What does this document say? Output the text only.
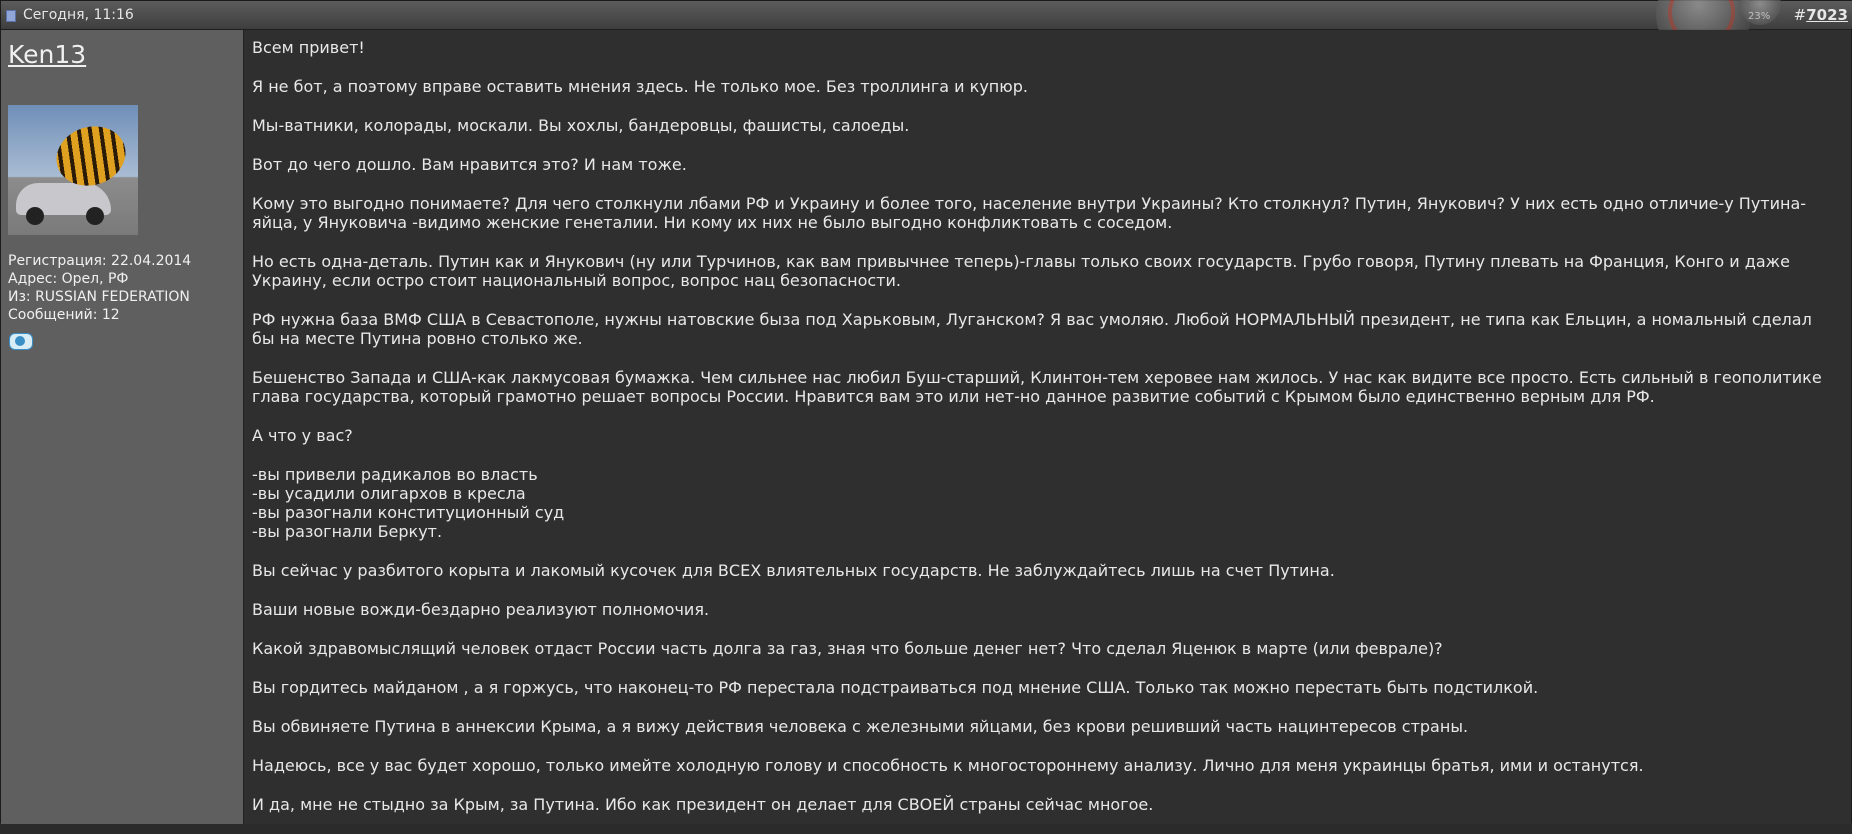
Сегодня, 11:16	23% #7023
Ken13
Регистрация: 22.04.2014
Адрес: Орел, РФ
Из: RUSSIAN FEDERATION
Сообщений: 12

Всем привет!

Я не бот, а поэтому вправе оставить мнения здесь. Не только мое. Без троллинга и купюр.

Мы-ватники, колорады, москали. Вы хохлы, бандеровцы, фашисты, салоеды.

Вот до чего дошло. Вам нравится это? И нам тоже.

Кому это выгодно понимаете? Для чего столкнули лбами РФ и Украину и более того, население внутри Украины? Кто столкнул? Путин, Янукович? У них есть одно отличие-у Путина-
яйца, у Януковича -видимо женские генеталии. Ни кому их них не было выгодно конфликтовать с соседом.

Но есть одна-деталь. Путин как и Янукович (ну или Турчинов, как вам привычнее теперь)-главы только своих государств. Грубо говоря, Путину плевать на Франция, Конго и даже
Украину, если остро стоит национальный вопрос, вопрос нац безопасности.

РФ нужна база ВМФ США в Севастополе, нужны натовские быза под Харьковым, Луганском? Я вас умоляю. Любой НОРМАЛЬНЫЙ президент, не типа как Ельцин, а номальный сделал
бы на месте Путина ровно столько же.

Бешенство Запада и США-как лакмусовая бумажка. Чем сильнее нас любил Буш-старший, Клинтон-тем херовее нам жилось. У нас как видите все просто. Есть сильный в геополитике
глава государства, который грамотно решает вопросы России. Нравится вам это или нет-но данное развитие событий с Крымом было единственно верным для РФ.

А что у вас?

-вы привели радикалов во власть
-вы усадили олигархов в кресла
-вы разогнали конституционный суд
-вы разогнали Беркут.

Вы сейчас у разбитого корыта и лакомый кусочек для ВСЕХ влиятельных государств. Не заблуждайтесь лишь на счет Путина.

Ваши новые вожди-бездарно реализуют полномочия.

Какой здравомыслящий человек отдаст России часть долга за газ, зная что больше денег нет? Что сделал Яценюк в марте (или феврале)?

Вы гордитесь майданом , а я горжусь, что наконец-то РФ перестала подстраиваться под мнение США. Только так можно перестать быть подстилкой.

Вы обвиняете Путина в аннексии Крыма, а я вижу действия человека с железными яйцами, без крови решивший часть нацинтересов страны.

Надеюсь, все у вас будет хорошо, только имейте холодную голову и способность к многостороннему анализу. Лично для меня украинцы братья, ими и останутся.

И да, мне не стыдно за Крым, за Путина. Ибо как президент он делает для СВОЕЙ страны сейчас многое.
